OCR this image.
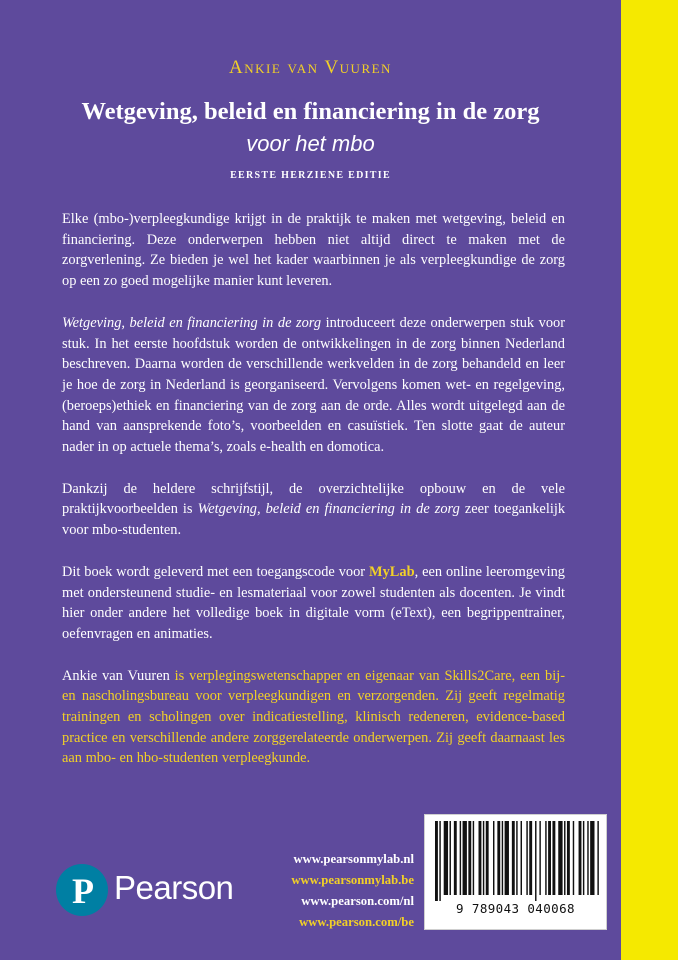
Ankie van Vuuren
Wetgeving, beleid en financiering in de zorg
voor het mbo
EERSTE HERZIENE EDITIE

Elke (mbo-)verpleegkundige krijgt in de praktijk te maken met wetgeving, beleid en financiering. Deze onderwerpen hebben niet altijd direct te maken met de zorgverlening. Ze bieden je wel het kader waarbinnen je als verpleegkundige de zorg op een zo goed mogelijke manier kunt leveren.

Wetgeving, beleid en financiering in de zorg introduceert deze onderwerpen stuk voor stuk. In het eerste hoofdstuk worden de ontwikkelingen in de zorg binnen Nederland beschreven. Daarna worden de verschillende werkvelden in de zorg behandeld en leer je hoe de zorg in Nederland is georganiseerd. Vervolgens komen wet- en regelgeving, (beroeps)ethiek en financiering van de zorg aan de orde. Alles wordt uitgelegd aan de hand van aansprekende foto’s, voorbeelden en casuïstiek. Ten slotte gaat de auteur nader in op actuele thema’s, zoals e-health en domotica.

Dankzij de heldere schrijfstijl, de overzichtelijke opbouw en de vele praktijkvoorbeelden is Wetgeving, beleid en financiering in de zorg zeer toegankelijk voor mbo-studenten.

Dit boek wordt geleverd met een toegangscode voor MyLab, een online leeromgeving met ondersteunend studie- en lesmateriaal voor zowel studenten als docenten. Je vindt hier onder andere het volledige boek in digitale vorm (eText), een begrippentrainer, oefenvragen en animaties.

Ankie van Vuuren is verplegingswetenschapper en eigenaar van Skills2Care, een bij- en nascholingsbureau voor verpleegkundigen en verzorgenden. Zij geeft regelmatig trainingen en scholingen over indicatiestelling, klinisch redeneren, evidence-based practice en verschillende andere zorggerelateerde onderwerpen. Zij geeft daarnaast les aan mbo- en hbo-studenten verpleegkunde.

9 789043 040068
P Pearson
www.pearsonmylab.nl
www.pearsonmylab.be
www.pearson.com/nl
www.pearson.com/be
